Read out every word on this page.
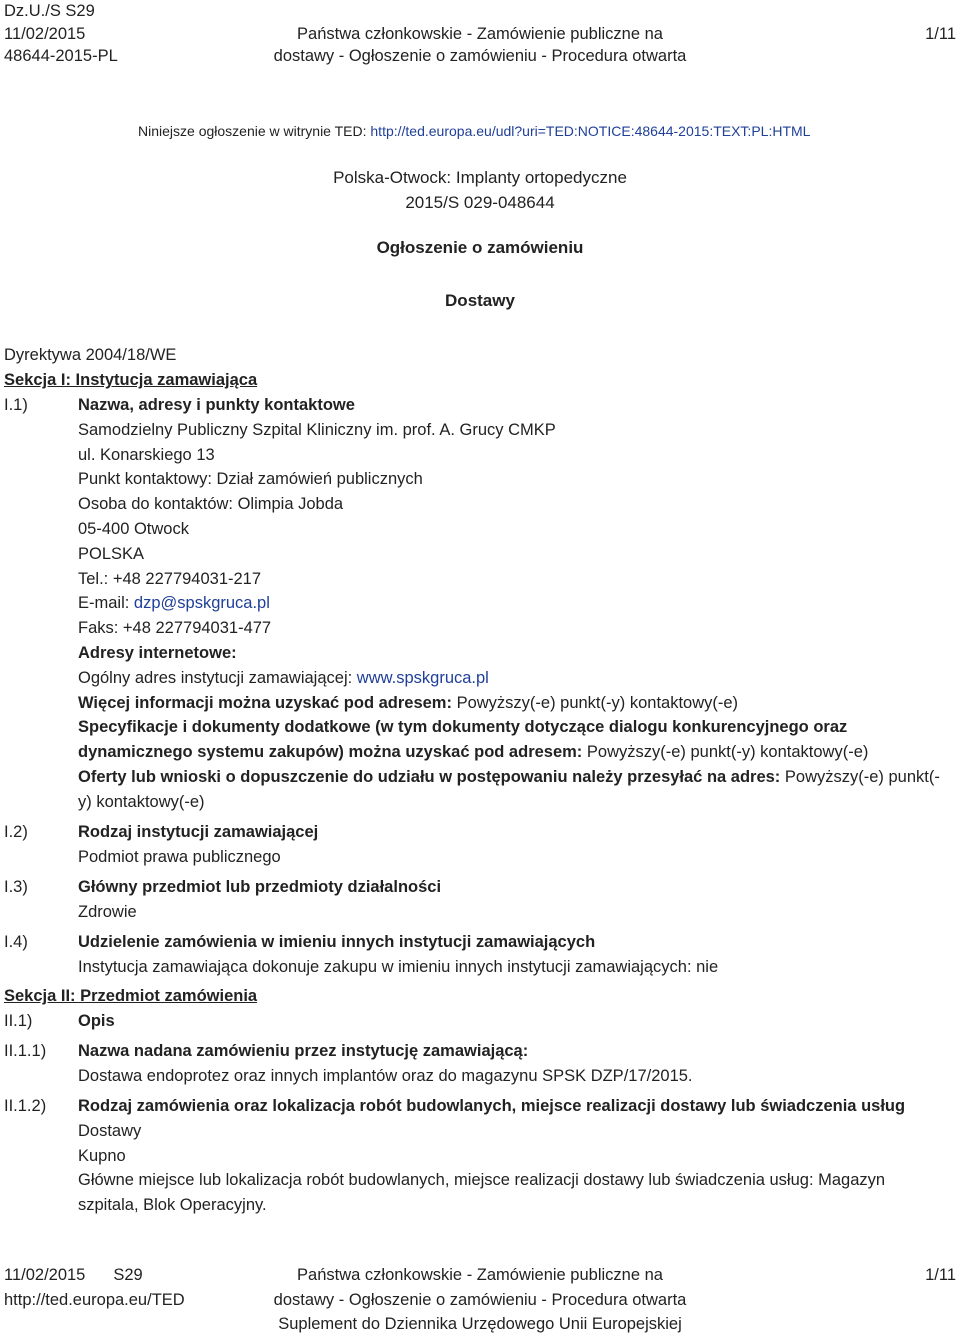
Dz.U./S S29
11/02/2015	Państwa członkowskie - Zamówienie publiczne na	1/11
48644-2015-PL	dostawy - Ogłoszenie o zamówieniu - Procedura otwarta
Niniejsze ogłoszenie w witrynie TED: http://ted.europa.eu/udl?uri=TED:NOTICE:48644-2015:TEXT:PL:HTML
Polska-Otwock: Implanty ortopedyczne
2015/S 029-048644
Ogłoszenie o zamówieniu
Dostawy
Dyrektywa 2004/18/WE
Sekcja I: Instytucja zamawiająca
I.1)	Nazwa, adresy i punkty kontaktowe
Samodzielny Publiczny Szpital Kliniczny im. prof. A. Grucy CMKP
ul. Konarskiego 13
Punkt kontaktowy: Dział zamówień publicznych
Osoba do kontaktów: Olimpia Jobda
05-400 Otwock
POLSKA
Tel.: +48 227794031-217
E-mail: dzp@spskgruca.pl
Faks: +48 227794031-477
Adresy internetowe:
Ogólny adres instytucji zamawiającej: www.spskgruca.pl
Więcej informacji można uzyskać pod adresem: Powyższy(-e) punkt(-y) kontaktowy(-e)
Specyfikacje i dokumenty dodatkowe (w tym dokumenty dotyczące dialogu konkurencyjnego oraz dynamicznego systemu zakupów) można uzyskać pod adresem: Powyższy(-e) punkt(-y) kontaktowy(-e)
Oferty lub wnioski o dopuszczenie do udziału w postępowaniu należy przesyłać na adres: Powyższy(-e) punkt(-y) kontaktowy(-e)
I.2)	Rodzaj instytucji zamawiającej
Podmiot prawa publicznego
I.3)	Główny przedmiot lub przedmioty działalności
Zdrowie
I.4)	Udzielenie zamówienia w imieniu innych instytucji zamawiających
Instytucja zamawiająca dokonuje zakupu w imieniu innych instytucji zamawiających: nie
Sekcja II: Przedmiot zamówienia
II.1)	Opis
II.1.1) Nazwa nadana zamówieniu przez instytucję zamawiającą:
Dostawa endoprotez oraz innych implantów oraz do magazynu SPSK DZP/17/2015.
II.1.2) Rodzaj zamówienia oraz lokalizacja robót budowlanych, miejsce realizacji dostawy lub świadczenia usług
Dostawy
Kupno
Główne miejsce lub lokalizacja robót budowlanych, miejsce realizacji dostawy lub świadczenia usług: Magazyn szpitala, Blok Operacyjny.
11/02/2015 S29	Państwa członkowskie - Zamówienie publiczne na	1/11
http://ted.europa.eu/TED	dostawy - Ogłoszenie o zamówieniu - Procedura otwarta
Suplement do Dziennika Urzędowego Unii Europejskiej
